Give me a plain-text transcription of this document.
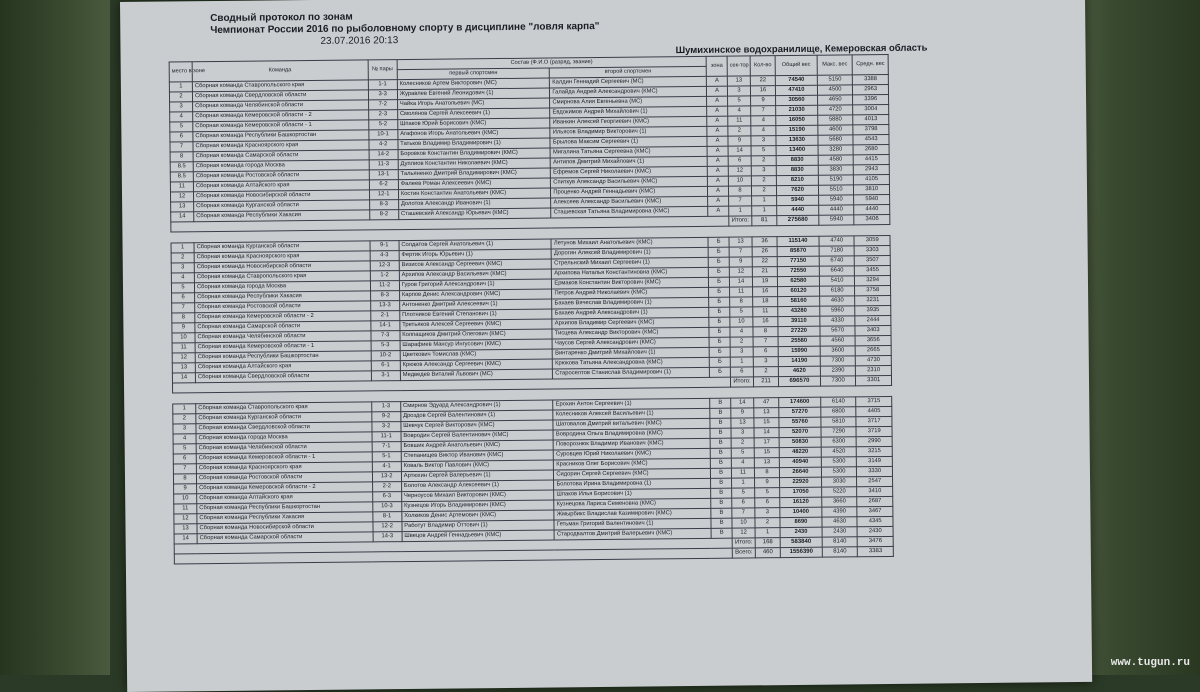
Сводный протокол по зонам
Чемпионат России 2016 по рыболовному спорту в дисциплине "ловля карпа"
23.07.2016 20:13
Шумихинское водохранилище, Кемеровская область
место в зоне	Команда	№ пары	Состав (Ф.И.О (разряд, звание)		зона	сек-тор	Кол-во	Общий вес	Макс. вес	Средн. вес
			первый спортсмен	второй спортсмен						
1	Сборная команда Ставропольского края	1-1	Колесников Артем Викторович (МС)	Калдин Геннадий Сергеевич (МС)	А	13	22	74540	5150	3388
2	Сборная команда Свердловской области	3-3	Журавлев Евгений Леонидович (1)	Галайда Андрей Александрович (КМС)	А	3	16	47410	4500	2963
3	Сборная команда Челябинской области	7-2	Чайка Игорь Анатольевич (МС)	Смирнова Алия Евгеньевна (МС)	А	5	9	30560	4650	3396
4	Сборная команда Кемеровской области - 2	2-3	Смолянов Сергей Алексеевич (1)	Евдокимов Андрей Михайлович (1)	А	4	7	21030	4720	3004
5	Сборная команда Кемеровской области - 1	5-2	Шпаков Юрий Борисович (КМС)	Иванкин Алексей Георгиевич (КМС)	А	11	4	16050	5880	4013
6	Сборная команда Республики Башкортостан	10-1	Агафонов Игорь Анатольевич (КМС)	Ильясов Владимир Викторович (1)	А	2	4	15190	4600	3798
7	Сборная команда Красноярского края	4-2	Татьков Владимир Владимирович (1)	Брылова Максим Сергеевич (1)	А	9	3	13630	5680	4543
8	Сборная команда Самарской области	14-2	Боровков Константин Владимирович (КМС)	Мигалина Татьяна Сергеевна (КМС)	А	14	5	13400	3280	2680
8.5	Сборная команда города Москва	11-3	Дуплиов Константин Николаевич (КМС)	Антипов Дмитрий Михайлович (1)	А	6	2	8830	4580	4415
8.5	Сборная команда Ростовской области	13-1	Тальяненко Дмитрий Владимирович (КМС)	Ефремов Сергей Николаевич (КМС)	А	12	3	8830	3830	2943
11	Сборная команда Алтайского края	6-2	Фалеев Роман Алексеевич (КМС)	Спиткув Александр Васильевич (КМС)	А	10	2	8210	5190	4105
12	Сборная команда Новосибирской области	12-1	Костин Константин Анатольевич (КМС)	Проценко Андрей Геннадьевич (КМС)	А	8	2	7620	5510	3810
13	Сборная команда Курганской области	8-3	Долотов Александр Иванович (1)	Алексеев Александр Васильевич (КМС)	А	7	1	5940	5940	5940
14	Сборная команда Республики Хакасия	8-2	Сташевский Александр Юрьевич (КМС)	Сташевская Татьяна Владимировна (КМС)	А	1	1	4440	4440	4440
						Итого:	81	275680	5940	3406

1	Сборная команда Курганской области	9-1	Солдатов Сергей Анатольевич (1)	Летунов Михаил Анатольевич (КМС)	Б	13	36	115140	4740	3059
2	Сборная команда Красноярского края	4-3	Фертик Игорь Юрьевич (1)	Дорогин Алексей Владимирович (1)	Б	7	26	85870	7180	3303
3	Сборная команда Новосибирской области	12-3	Визисов Александр Сергеевич (КМС)	Стрельнский Михаил Сергеевич (1)	Б	9	22	77150	6740	3507
4	Сборная команда Ставропольского края	1-2	Архипов Александр Васильевич (КМС)	Архипова Наталья Константиновна (КМС)	Б	12	21	72550	6640	3455
5	Сборная команда города Москва	11-2	Гуров Григорий Александрович (1)	Ермаков Константин Викторович (КМС)	Б	14	19	62580	5410	3294
6	Сборная команда Республики Хакасия	8-3	Карпов Денис Александрович (КМС)	Петров Андрей Николаевич (КМС)	Б	11	16	60120	6180	3758
7	Сборная команда Ростовской области	13-3	Антоненко Дмитрий Алексеевич (1)	Бахаев Вячеслав Владимирович (1)	Б	8	18	58160	4630	3231
8	Сборная команда Кемеровской области - 2	2-1	Плотников Евгений Степанович (1)	Бахаев Андрей Александрович (1)	Б	5	11	43280	5960	3935
9	Сборная команда Самарской области	14-1	Третьяков Алексей Сергеевич (КМС)	Архипов Владимир Сергеевич (КМС)	Б	10	16	39110	4330	2444
10	Сборная команда Челябинской области	7-3	Колпащиков Дмитрий Олегович (КМС)	Тисцева Александр Викторович (КМС)	Б	4	8	27220	5670	3403
11	Сборная команда Кемеровской области - 1	5-3	Шарафиев Мансур Ингусович (КМС)	Чаусов Сергей Александрович (КМС)	Б	2	7	25580	4560	3656
12	Сборная команда Республики Башкортостан	10-2	Цветкович Томислав (КМС)	Винтаренко Дмитрий Михайлович (1)	Б	3	6	15990	3600	2665
13	Сборная команда Алтайского края	6-1	Крюков Александр Сергеевич (КМС)	Крюкова Татьяна Александровна (КМС)	Б	1	3	14190	7300	4730
14	Сборная команда Свердловской области	3-1	Медведев Виталий Львович (МС)	Староселтов Станислав Владимирович (1)	Б	6	2	4620	2390	2310
						Итого:	211	696570	7300	3301

1	Сборная команда Ставропольского края	1-3	Смирнов Эдуард Александрович (1)	Ерохин Антон Сергеевич (1)	В	14	47	174600	6140	3715
2	Сборная команда Курганской области	9-2	Дроздов Сергей Валентинович (1)	Колесников Алексей Васильевич (1)	В	9	13	57270	6800	4405
3	Сборная команда Свердловской области	3-2	Шевчук Сергей Викторович (КМС)	Шатовалов Дмитрий витальевич (КМС)	В	13	15	55760	5810	3717
4	Сборная команда города Москва	11-1	Вовродин Сергей Валентинович (КМС)	Вовродина Ольга Владимировна (КМС)	В	3	14	52070	7290	3719
5	Сборная команда Челябинской области	7-1	Бовшик Андрей Анатольевич (КМС)	Поворознюк Владимир Иванович (КМС)	В	2	17	50830	6300	2990
6	Сборная команда Кемеровской области - 1	5-1	Степанищев Виктор Иванович (КМС)	Суровцев Юрий Николаевич (КМС)	В	5	15	48220	4520	3215
7	Сборная команда Красноярского края	4-1	Коваль Виктор Павлович (КМС)	Красников Олег Борисович (КМС)	В	4	13	40940	5300	3149
8	Сборная команда Ростовской области	13-2	Артюхин Сергей Валерьевич (1)	Сидорин Сергей Сергеевич (КМС)	В	11	8	26640	5300	3330
9	Сборная команда Кемеровской области - 2	2-2	Болотов Александр Алексеевич (1)	Болотова Ирина Владимировна (1)	В	1	9	22920	3030	2547
10	Сборная команда Алтайского края	6-3	Черноусов Михаил Викторович (КМС)	Шпаков Илья Борисович (1)	В	5	5	17050	5220	3410
11	Сборная команда Республики Башкортостан	10-3	Кузнецов Игорь Владимирович (КМС)	Кузнецова Лариса Семеновна (КМС)	В	6	6	16120	3660	2687
12	Сборная команда Республики Хакасия	8-1	Холкиков Денис Артемович (КМС)	Жмырбикс Владислав Казимирович (КМС)	В	7	3	10400	4390	3467
13	Сборная команда Новосибирской области	12-2	Работут Владимир Оттович (1)	Гетьман Григорий Валентинович (1)	В	10	2	8690	4630	4345
14	Сборная команда Самарской области	14-3	Швецов Андрей Геннадьевич (КМС)	Стародвалтов Дмитрий Валерьевич (КМС)	В	12	1	2430	2430	2430
						Итого:	168	583840	8140	3476
						Всего:	460	1556390	8140	3383
www.tugun.ru
